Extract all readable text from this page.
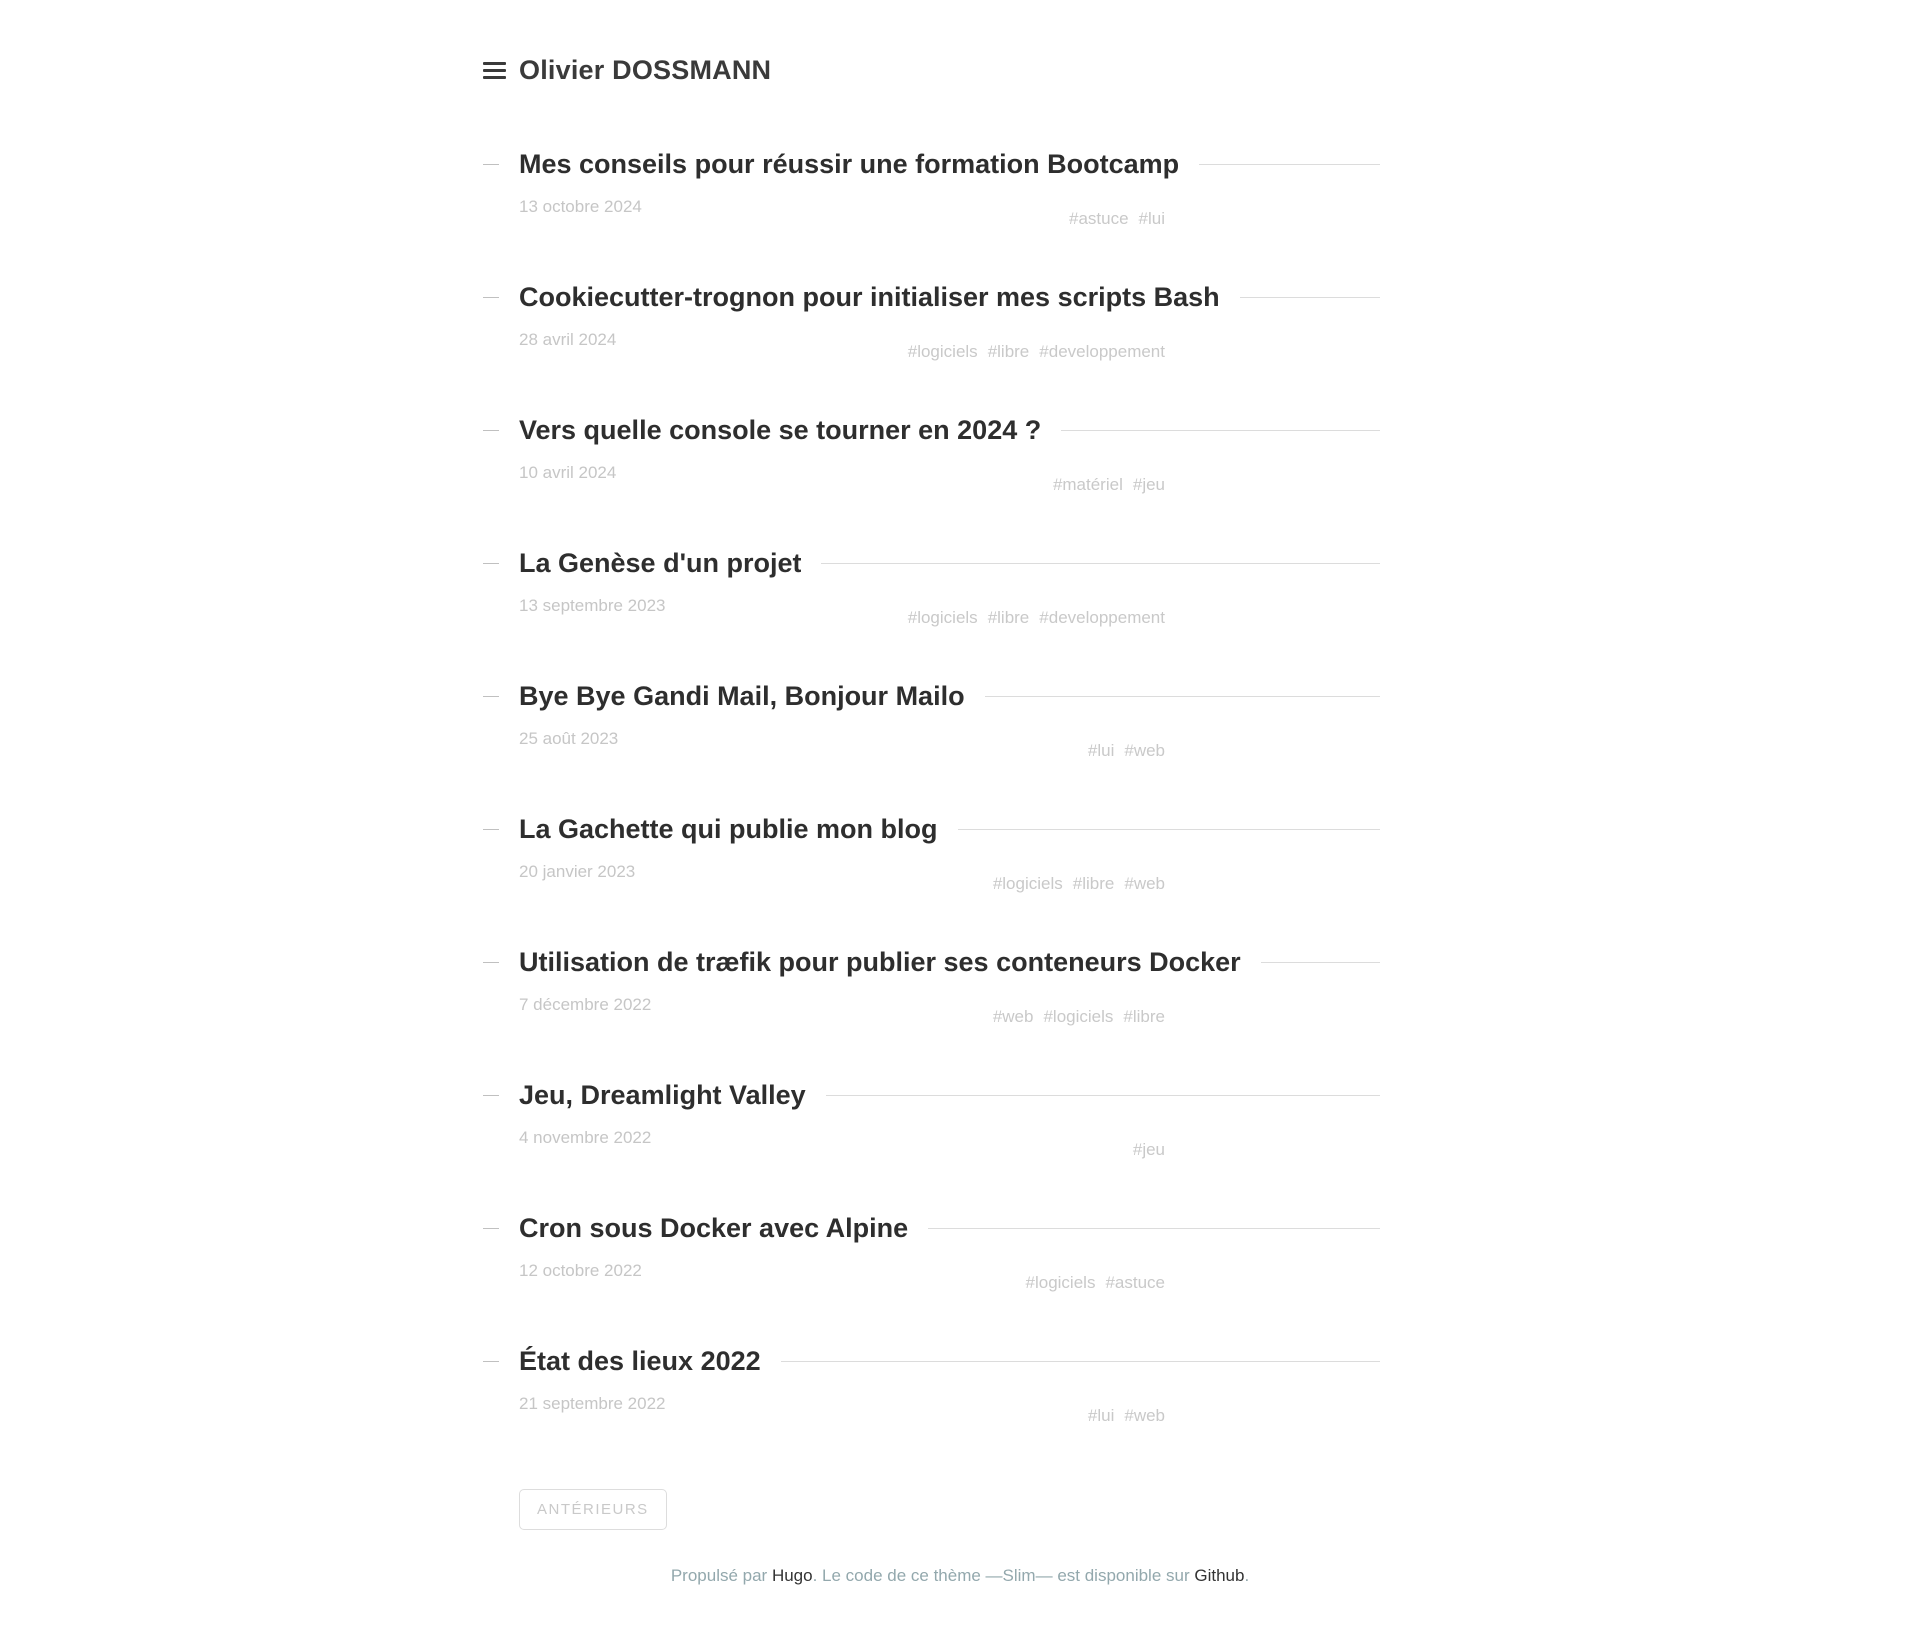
Olivier DOSSMANN
Mes conseils pour réussir une formation Bootcamp
13 octobre 2024
#astuce #lui
Cookiecutter-trognon pour initialiser mes scripts Bash
28 avril 2024
#logiciels #libre #developpement
Vers quelle console se tourner en 2024 ?
10 avril 2024
#matériel #jeu
La Genèse d'un projet
13 septembre 2023
#logiciels #libre #developpement
Bye Bye Gandi Mail, Bonjour Mailo
25 août 2023
#lui #web
La Gachette qui publie mon blog
20 janvier 2023
#logiciels #libre #web
Utilisation de træfik pour publier ses conteneurs Docker
7 décembre 2022
#web #logiciels #libre
Jeu, Dreamlight Valley
4 novembre 2022
#jeu
Cron sous Docker avec Alpine
12 octobre 2022
#logiciels #astuce
État des lieux 2022
21 septembre 2022
#lui #web
ANTÉRIEURS
Propulsé par Hugo. Le code de ce thème —Slim— est disponible sur Github.
